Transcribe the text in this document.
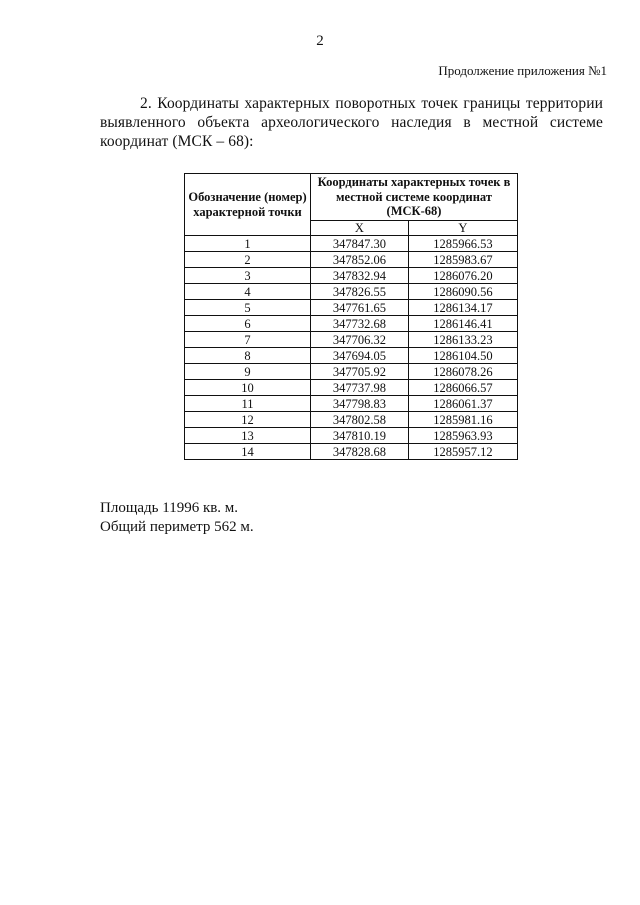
2
Продолжение приложения №1
2. Координаты характерных поворотных точек границы территории выявленного объекта археологического наследия в местной системе координат (МСК – 68):
Обозначение (номер) характерной точки	Координаты характерных точек в местной системе координат (МСК-68)	
	X	Y
1	347847.30	1285966.53
2	347852.06	1285983.67
3	347832.94	1286076.20
4	347826.55	1286090.56
5	347761.65	1286134.17
6	347732.68	1286146.41
7	347706.32	1286133.23
8	347694.05	1286104.50
9	347705.92	1286078.26
10	347737.98	1286066.57
11	347798.83	1286061.37
12	347802.58	1285981.16
13	347810.19	1285963.93
14	347828.68	1285957.12
Площадь 11996 кв. м.
Общий периметр 562 м.
